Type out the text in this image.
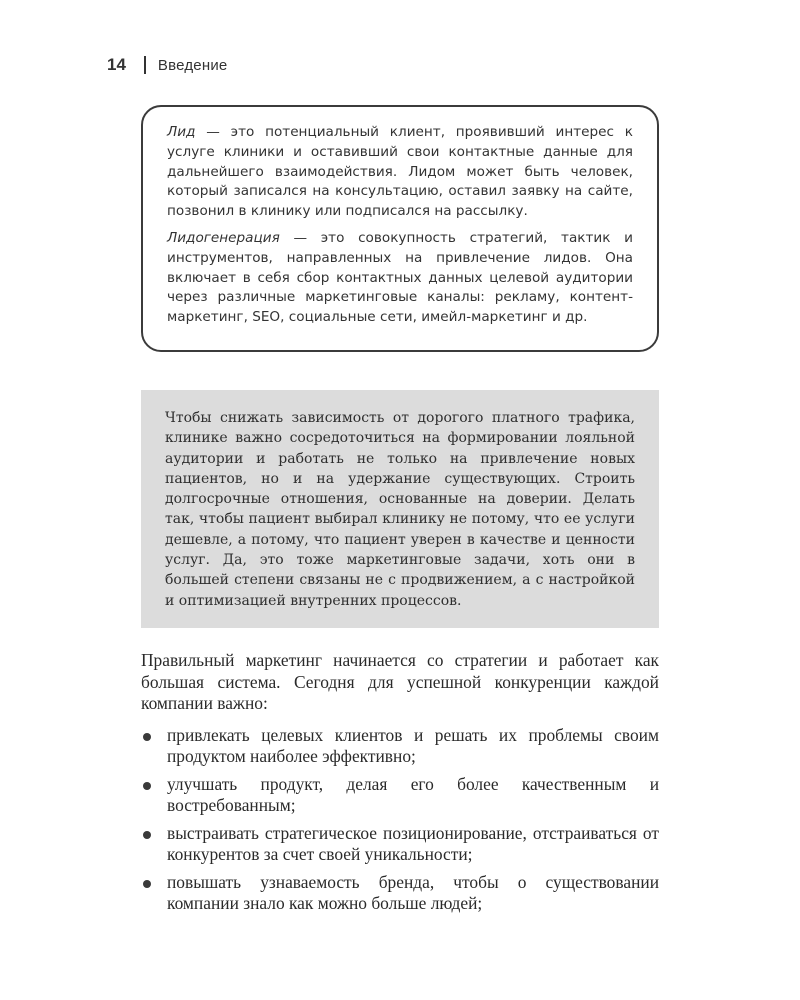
14 Введение

Лид — это потенциальный клиент, проявивший интерес к услуге клиники и оставивший свои контактные данные для дальнейшего взаимодействия. Лидом может быть человек, который записался на консультацию, оставил заявку на сайте, позвонил в клинику или подписался на рассылку.

Лидогенерация — это совокупность стратегий, тактик и инструментов, направленных на привлечение лидов. Она включает в себя сбор контактных данных целевой аудитории через различные маркетинговые каналы: рекламу, контент-маркетинг, SEO, социальные сети, имейл-маркетинг и др.

Чтобы снижать зависимость от дорогого платного трафика, клинике важно сосредоточиться на формировании лояльной аудитории и работать не только на привлечение новых пациентов, но и на удержание существующих. Строить долгосрочные отношения, основанные на доверии. Делать так, чтобы пациент выбирал клинику не потому, что ее услуги дешевле, а потому, что пациент уверен в качестве и ценности услуг. Да, это тоже маркетинговые задачи, хоть они в большей степени связаны не с продвижением, а с настройкой и оптимизацией внутренних процессов.

Правильный маркетинг начинается со стратегии и работает как большая система. Сегодня для успешной конкуренции каждой компании важно:

привлекать целевых клиентов и решать их проблемы своим продуктом наиболее эффективно;
улучшать продукт, делая его более качественным и востребованным;
выстраивать стратегическое позиционирование, отстраиваться от конкурентов за счет своей уникальности;
повышать узнаваемость бренда, чтобы о существовании компании знало как можно больше людей;
